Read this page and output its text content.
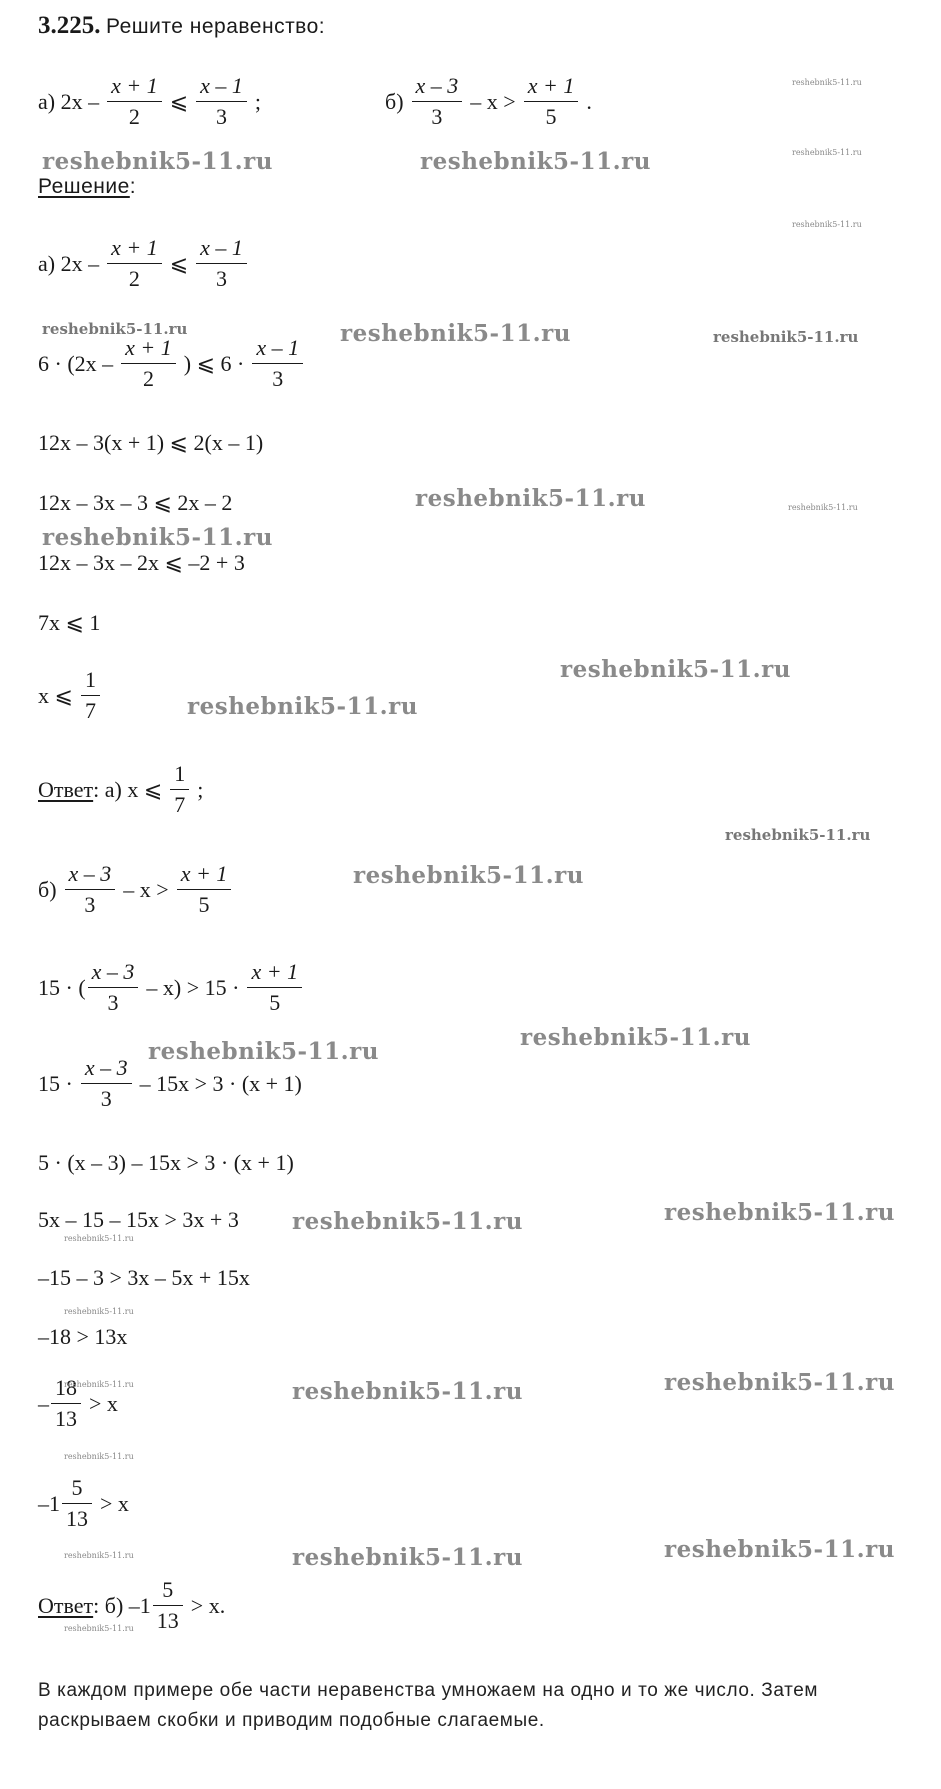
3.225. Решите неравенство:
а)
$2x - \frac{x + 1}{2}$ ⩽ $\frac{x - 1}{3}$ ;	$б) \frac{x - 3}{3} - x > \frac{x + 1}{5}$ .
Решение:
а)
$2x - \frac{x + 1}{2}$ ⩽ $\frac{x - 1}{3}$
$6 \cdot (2x - \frac{x + 1}{2}$ ) ⩽ $6 \cdot \frac{x - 1}{3}$
12x – 3(x + 1) ⩽ 2(x – 1)
12x – 3x – 3 ⩽ 2x – 2
12x – 3x – 2x ⩽ –2 + 3
7x ⩽ 1
x ⩽ $\frac{1}{7}$
Ответ : а) x ⩽ $\frac{1}{7}$ ;
$б) \frac{x - 3}{3} - x > \frac{x + 1}{5}$
15 · ( $\frac{x - 3}{3} - x) > 15 \cdot \frac{x + 1}{5}$
$15 \cdot \frac{x - 3}{3} - 15x > 3 \cdot (x + 1)$
5 · (x – 3) – 15x > 3 · (x + 1)
5x – 15 – 15x > 3x + 3
–15 – 3 > 3x – 5x + 15x
–18 > 13x
– $\frac{18}{13} > x$
$-1 \frac{5}{13} > x$
Ответ : б) $-1 \frac{5}{13} > x$.
В каждом примере обе части неравенства умножаем на одно и то же число. Затем раскрываем скобки и приводим подобные слагаемые.
reshebnik5-11.ru	reshebnik5-11.ru
reshebnik5-11.ru
reshebnik5-11.ru
reshebnik5-11.ru
reshebnik5-11.ru
reshebnik5-11.ru
reshebnik5-11.ru
reshebnik5-11.ru
reshebnik5-11.ru
reshebnik5-11.ru	reshebnik5-11.ru
reshebnik5-11.ru	reshebnik5-11.ru
reshebnik5-11.ru	reshebnik5-11.ru
reshebnik5-11.ru	reshebnik5-11.ru
reshebnik5-11.ru
reshebnik5-11.ru
reshebnik5-11.ru
reshebnik5-11.ru
reshebnik5-11.ru
reshebnik5-11.ru
reshebnik5-11.ru
reshebnik5-11.ru
reshebnik5-11.ru
reshebnik5-11.ru
reshebnik5-11.ru
